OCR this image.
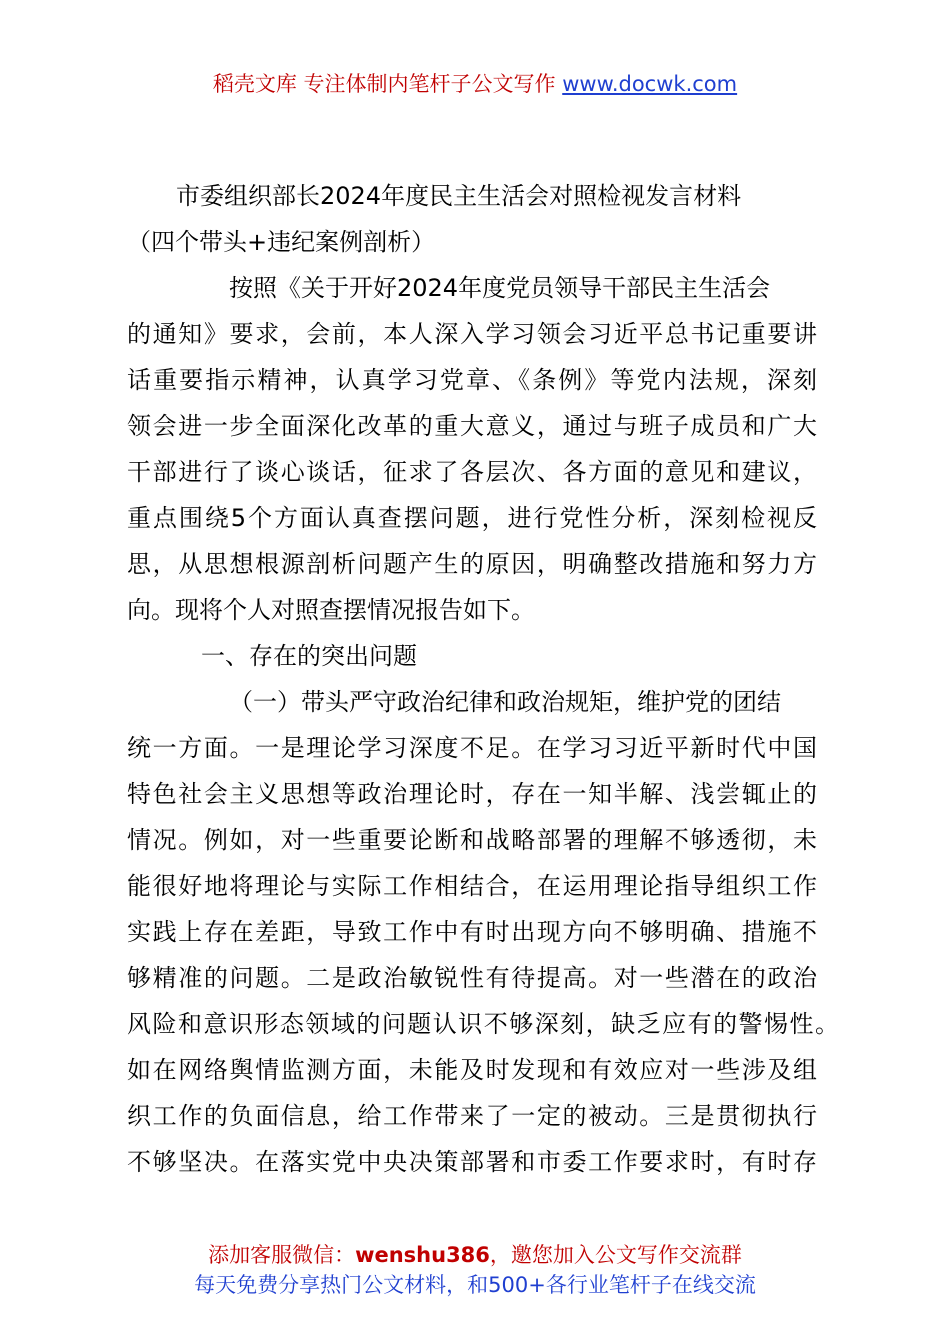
稻壳文库 专注体制内笔杆子公文写作 www.docwk.com
市委组织部长2024年度民主生活会对照检视发言材料
（四个带头+违纪案例剖析）
按照《关于开好2024年度党员领导干部民主生活会
的通知》要求，会前，本人深入学习领会习近平总书记重要讲
话重要指示精神，认真学习党章、《条例》等党内法规，深刻
领会进一步全面深化改革的重大意义，通过与班子成员和广大
干部进行了谈心谈话，征求了各层次、各方面的意见和建议，
重点围绕5个方面认真查摆问题，进行党性分析，深刻检视反
思，从思想根源剖析问题产生的原因，明确整改措施和努力方
向。现将个人对照查摆情况报告如下。
一、存在的突出问题
（一）带头严守政治纪律和政治规矩，维护党的团结
统一方面。一是理论学习深度不足。在学习习近平新时代中国
特色社会主义思想等政治理论时，存在一知半解、浅尝辄止的
情况。例如，对一些重要论断和战略部署的理解不够透彻，未
能很好地将理论与实际工作相结合，在运用理论指导组织工作
实践上存在差距，导致工作中有时出现方向不够明确、措施不
够精准的问题。二是政治敏锐性有待提高。对一些潜在的政治
风险和意识形态领域的问题认识不够深刻，缺乏应有的警惕性。
如在网络舆情监测方面，未能及时发现和有效应对一些涉及组
织工作的负面信息，给工作带来了一定的被动。三是贯彻执行
不够坚决。在落实党中央决策部署和市委工作要求时，有时存
添加客服微信：wenshu386，邀您加入公文写作交流群
每天免费分享热门公文材料，和500+各行业笔杆子在线交流
